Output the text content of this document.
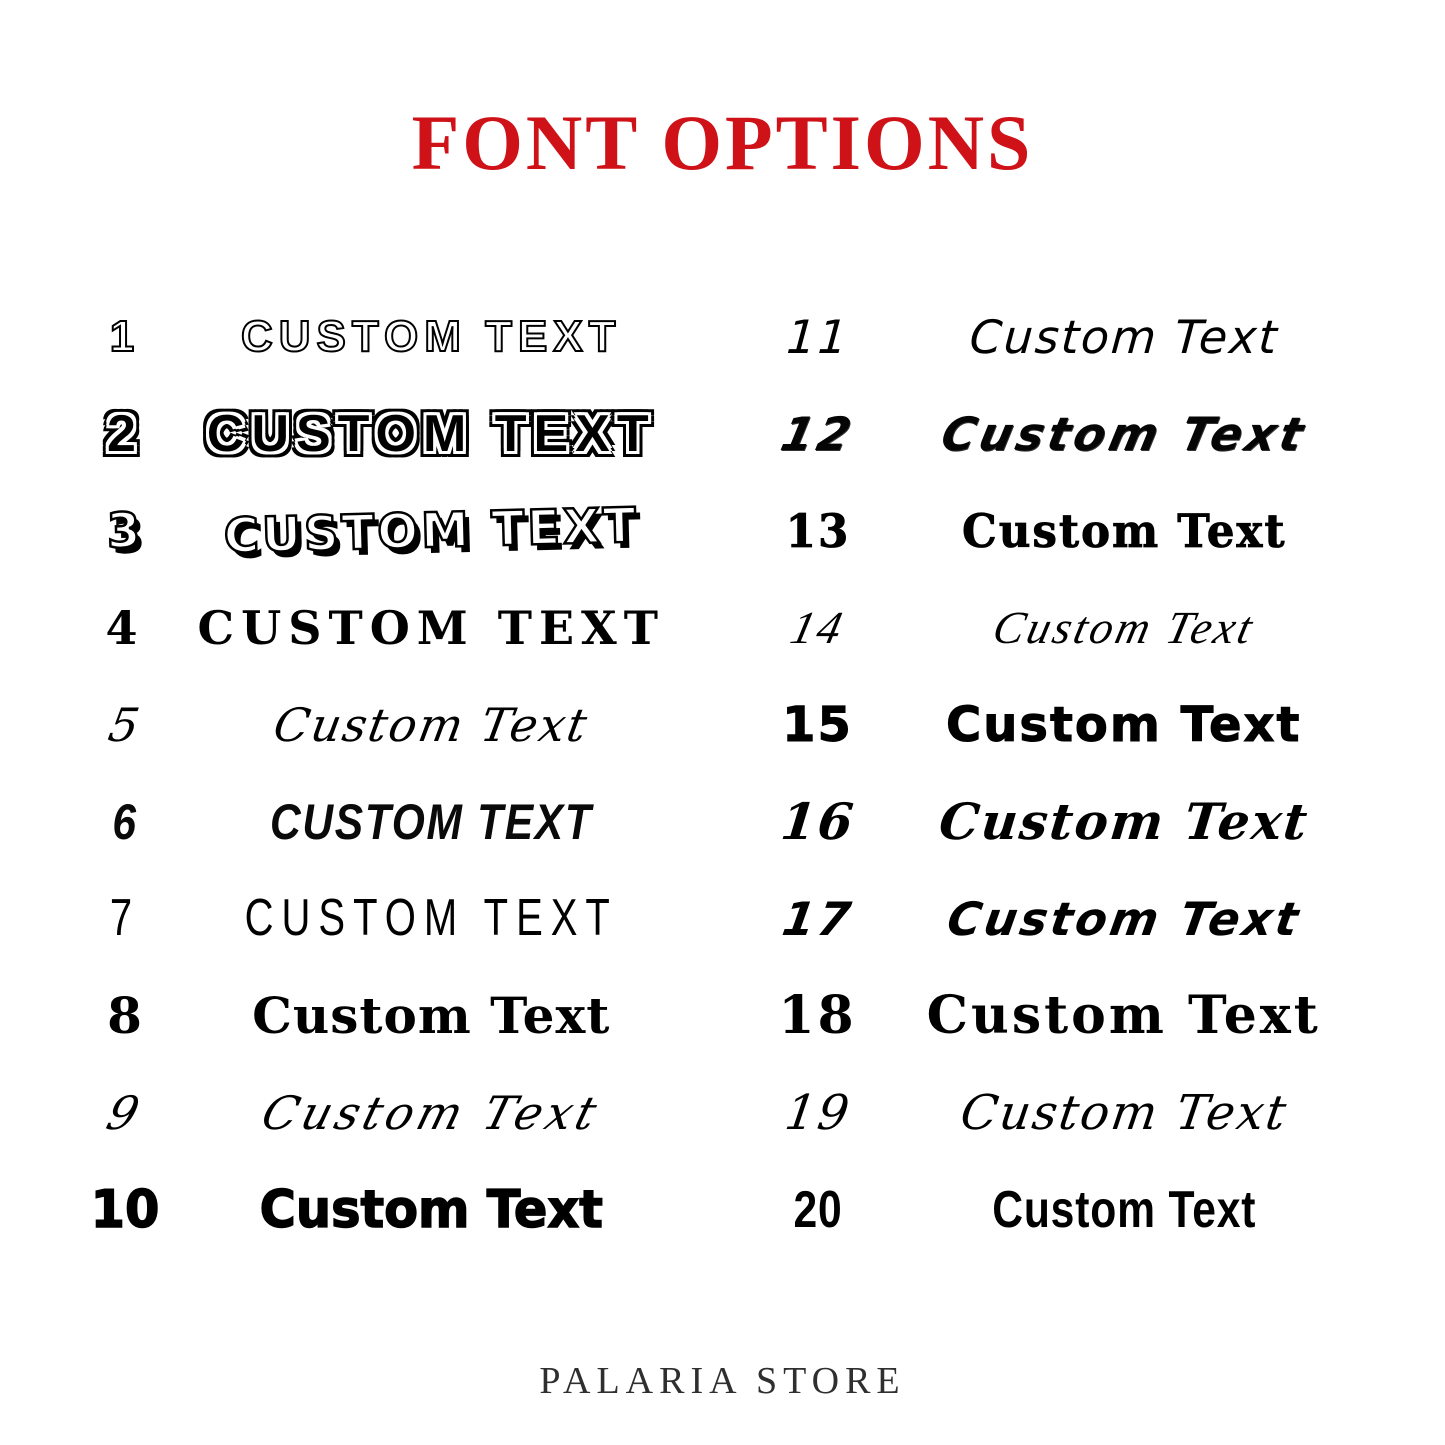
FONT OPTIONS
1	CUSTOM TEXT
2	CUSTOM TEXT
3	CUSTOM TEXT
4	CUSTOM TEXT
5	Custom Text
6	CUSTOM TEXT
7	CUSTOM TEXT
8	Custom Text
9	Custom Text
10	Custom Text
11	Custom Text
12	Custom Text
13	Custom Text
14	Custom Text
15	Custom Text
16	Custom Text
17	Custom Text
18	Custom Text
19	Custom Text
20	Custom Text
PALARIA STORE
